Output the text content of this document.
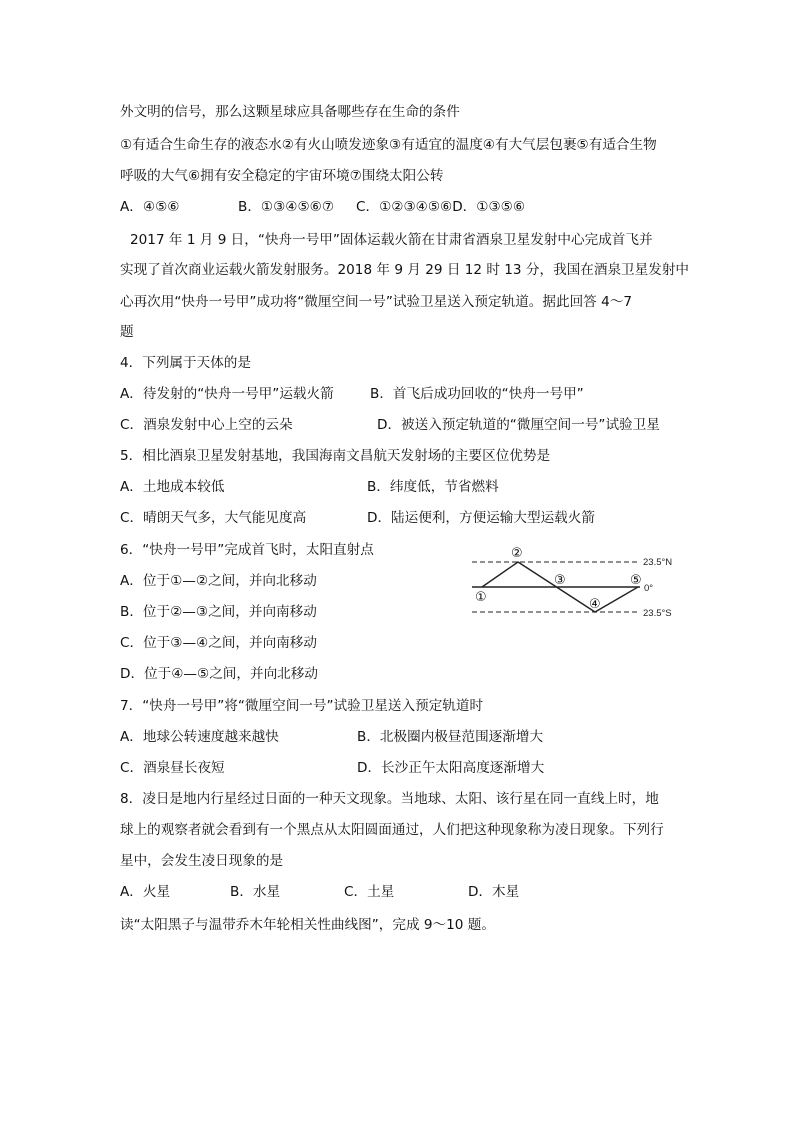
外文明的信号，那么这颗星球应具备哪些存在生命的条件
①有适合生命生存的液态水②有火山喷发迹象③有适宜的温度④有大气层包裹⑤有适合生物
呼吸的大气⑥拥有安全稳定的宇宙环境⑦围绕太阳公转
A．④⑤⑥	B．①③④⑤⑥⑦ C．①②③④⑤⑥D．①③⑤⑥
2017 年 1 月 9 日，“快舟一号甲”固体运载火箭在甘肃省酒泉卫星发射中心完成首飞并
实现了首次商业运载火箭发射服务。2018 年 9 月 29 日 12 时 13 分，我国在酒泉卫星发射中
心再次用“快舟一号甲”成功将“微厘空间一号”试验卫星送入预定轨道。据此回答 4～7
题
4．下列属于天体的是
A．待发射的“快舟一号甲”运载火箭	B．首飞后成功回收的“快舟一号甲”
C．酒泉发射中心上空的云朵	D．被送入预定轨道的“微厘空间一号”试验卫星
5．相比酒泉卫星发射基地，我国海南文昌航天发射场的主要区位优势是
A．土地成本较低	B．纬度低，节省燃料
C．晴朗天气多，大气能见度高	D．陆运便利，方便运输大型运载火箭
6．“快舟一号甲”完成首飞时，太阳直射点
A．位于①—②之间，并向北移动
B．位于②—③之间，并向南移动
C．位于③—④之间，并向南移动
D．位于④—⑤之间，并向北移动
23.5°N
0°
23.5°S
①
②
③
④
⑤
7．“快舟一号甲”将“微厘空间一号”试验卫星送入预定轨道时
A．地球公转速度越来越快	B．北极圈内极昼范围逐渐增大
C．酒泉昼长夜短	D．长沙正午太阳高度逐渐增大
8．凌日是地内行星经过日面的一种天文现象。当地球、太阳、该行星在同一直线上时，地
球上的观察者就会看到有一个黑点从太阳圆面通过，人们把这种现象称为凌日现象。下列行
星中，会发生凌日现象的是
A．火星	B．水星	C．土星	D．木星
读“太阳黑子与温带乔木年轮相关性曲线图”，完成 9～10 题。
